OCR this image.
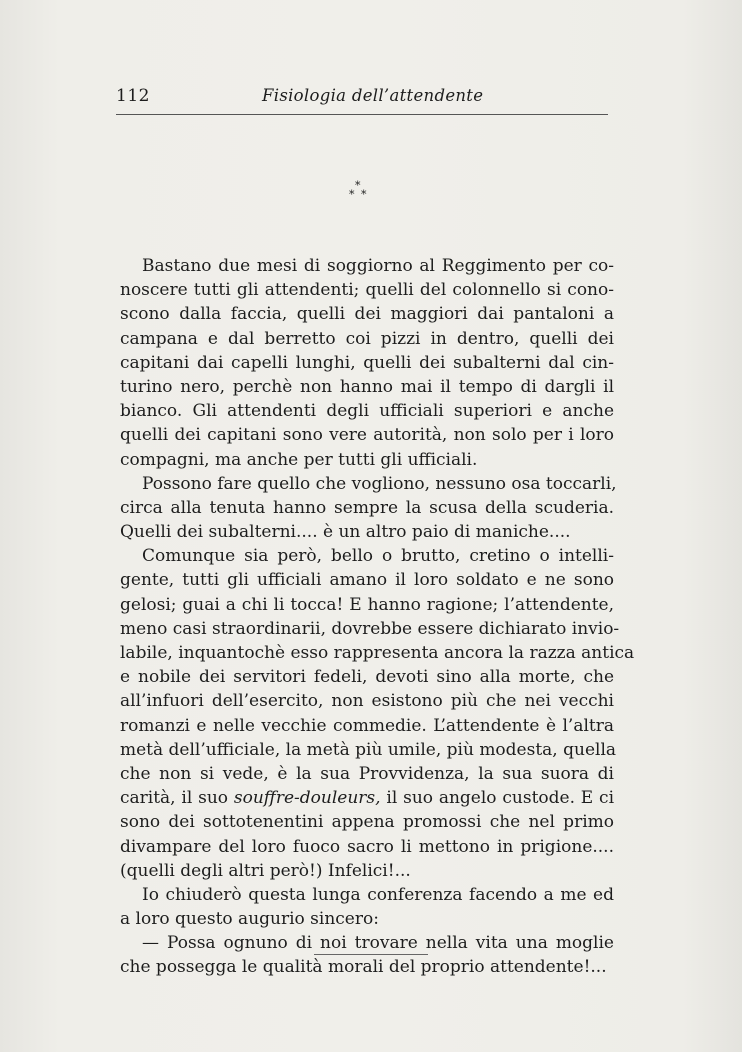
112	Fisiologia dell’attendente
*
* *
Bastano due mesi di soggiorno al Reggimento per co-
noscere tutti gli attendenti; quelli del colonnello si cono-
scono dalla faccia, quelli dei maggiori dai pantaloni a
campana e dal berretto coi pizzi in dentro, quelli dei
capitani dai capelli lunghi, quelli dei subalterni dal cin-
turino nero, perchè non hanno mai il tempo di dargli il
bianco. Gli attendenti degli ufficiali superiori e anche
quelli dei capitani sono vere autorità, non solo per i loro
compagni, ma anche per tutti gli ufficiali.
Possono fare quello che vogliono, nessuno osa toccarli,
circa alla tenuta hanno sempre la scusa della scuderia.
Quelli dei subalterni.... è un altro paio di maniche....
Comunque sia però, bello o brutto, cretino o intelli-
gente, tutti gli ufficiali amano il loro soldato e ne sono
gelosi; guai a chi li tocca! E hanno ragione; l’attendente,
meno casi straordinarii, dovrebbe essere dichiarato invio-
labile, inquantochè esso rappresenta ancora la razza antica
e nobile dei servitori fedeli, devoti sino alla morte, che
all’infuori dell’esercito, non esistono più che nei vecchi
romanzi e nelle vecchie commedie. L’attendente è l’altra
metà dell’ufficiale, la metà più umile, più modesta, quella
che non si vede, è la sua Provvidenza, la sua suora di
carità, il suo souffre-douleurs, il suo angelo custode. E ci
sono dei sottotenentini appena promossi che nel primo
divampare del loro fuoco sacro li mettono in prigione....
(quelli degli altri però!) Infelici!...
Io chiuderò questa lunga conferenza facendo a me ed
a loro questo augurio sincero:
— Possa ognuno di noi trovare nella vita una moglie
che possegga le qualità morali del proprio attendente!...
